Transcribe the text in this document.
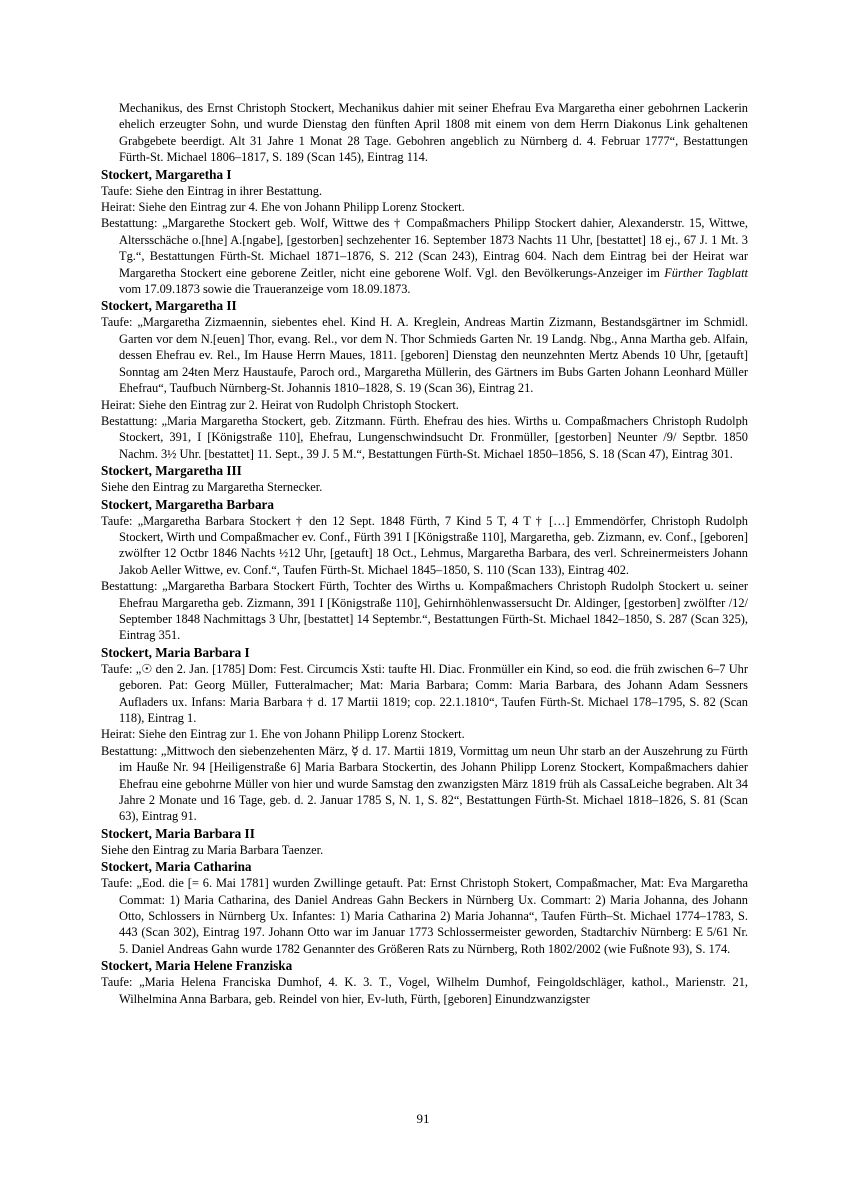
Mechanikus, des Ernst Christoph Stockert, Mechanikus dahier mit seiner Ehefrau Eva Margaretha einer gebohrnen Lackerin ehelich erzeugter Sohn, und wurde Dienstag den fünften April 1808 mit einem von dem Herrn Diakonus Link gehaltenen Grabgebete beerdigt. Alt 31 Jahre 1 Monat 28 Tage. Gebohren angeblich zu Nürnberg d. 4. Februar 1777“, Bestattungen Fürth-St. Michael 1806–1817, S. 189 (Scan 145), Eintrag 114.

Stockert, Margaretha I

Taufe: Siehe den Eintrag in ihrer Bestattung.

Heirat: Siehe den Eintrag zur 4. Ehe von Johann Philipp Lorenz Stockert.

Bestattung: „Margarethe Stockert geb. Wolf, Wittwe des † Compaßmachers Philipp Stockert dahier, Alexanderstr. 15, Wittwe, Altersschäche o.[hne] A.[ngabe], [gestorben] sechzehenter 16. September 1873 Nachts 11 Uhr, [bestattet] 18 ej., 67 J. 1 Mt. 3 Tg.“, Bestattungen Fürth-St. Michael 1871–1876, S. 212 (Scan 243), Eintrag 604. Nach dem Eintrag bei der Heirat war Margaretha Stockert eine geborene Zeitler, nicht eine geborene Wolf. Vgl. den Bevölkerungs-Anzeiger im Fürther Tagblatt vom 17.09.1873 sowie die Traueranzeige vom 18.09.1873.

Stockert, Margaretha II

Taufe: „Margaretha Zizmaennin, siebentes ehel. Kind H. A. Kreglein, Andreas Martin Zizmann, Bestandsgärtner im Schmidl. Garten vor dem N.[euen] Thor, evang. Rel., vor dem N. Thor Schmieds Garten Nr. 19 Landg. Nbg., Anna Martha geb. Alfain, dessen Ehefrau ev. Rel., Im Hause Herrn Maues, 1811. [geboren] Dienstag den neunzehnten Mertz Abends 10 Uhr, [getauft] Sonntag am 24ten Merz Haustaufe, Paroch ord., Margaretha Müllerin, des Gärtners im Bubs Garten Johann Leonhard Müller Ehefrau“, Taufbuch Nürnberg-St. Johannis 1810–1828, S. 19 (Scan 36), Eintrag 21.

Heirat: Siehe den Eintrag zur 2. Heirat von Rudolph Christoph Stockert.

Bestattung: „Maria Margaretha Stockert, geb. Zitzmann. Fürth. Ehefrau des hies. Wirths u. Compaßmachers Christoph Rudolph Stockert, 391, I [Königstraße 110], Ehefrau, Lungenschwindsucht Dr. Fronmüller, [gestorben] Neunter /9/ Septbr. 1850 Nachm. 3½ Uhr. [bestattet] 11. Sept., 39 J. 5 M.“, Bestattungen Fürth-St. Michael 1850–1856, S. 18 (Scan 47), Eintrag 301.

Stockert, Margaretha III

Siehe den Eintrag zu Margaretha Sternecker.

Stockert, Margaretha Barbara

Taufe: „Margaretha Barbara Stockert † den 12 Sept. 1848 Fürth, 7 Kind 5 T, 4 T † […] Emmendörfer, Christoph Rudolph Stockert, Wirth und Compaßmacher ev. Conf., Fürth 391 I [Königstraße 110], Margaretha, geb. Zizmann, ev. Conf., [geboren] zwölfter 12 Octbr 1846 Nachts ½12 Uhr, [getauft] 18 Oct., Lehmus, Margaretha Barbara, des verl. Schreinermeisters Johann Jakob Aeller Wittwe, ev. Conf.“, Taufen Fürth-St. Michael 1845–1850, S. 110 (Scan 133), Eintrag 402.

Bestattung: „Margaretha Barbara Stockert Fürth, Tochter des Wirths u. Kompaßmachers Christoph Rudolph Stockert u. seiner Ehefrau Margaretha geb. Zizmann, 391 I [Königstraße 110], Gehirnhöhlenwassersucht Dr. Aldinger, [gestorben] zwölfter /12/ September 1848 Nachmittags 3 Uhr, [bestattet] 14 Septembr.“, Bestattungen Fürth-St. Michael 1842–1850, S. 287 (Scan 325), Eintrag 351.

Stockert, Maria Barbara I

Taufe: „☉ den 2. Jan. [1785] Dom: Fest. Circumcis Xsti: taufte Hl. Diac. Fronmüller ein Kind, so eod. die früh zwischen 6–7 Uhr geboren. Pat: Georg Müller, Futteralmacher; Mat: Maria Barbara; Comm: Maria Barbara, des Johann Adam Sessners Aufladers ux. Infans: Maria Barbara † d. 17 Martii 1819; cop. 22.1.1810“, Taufen Fürth-St. Michael 178–1795, S. 82 (Scan 118), Eintrag 1.

Heirat: Siehe den Eintrag zur 1. Ehe von Johann Philipp Lorenz Stockert.

Bestattung: „Mittwoch den siebenzehenten März, ☿ d. 17. Martii 1819, Vormittag um neun Uhr starb an der Auszehrung zu Fürth im Hauße Nr. 94 [Heiligenstraße 6] Maria Barbara Stockertin, des Johann Philipp Lorenz Stockert, Kompaßmachers dahier Ehefrau eine gebohrne Müller von hier und wurde Samstag den zwanzigsten März 1819 früh als CassaLeiche begraben. Alt 34 Jahre 2 Monate und 16 Tage, geb. d. 2. Januar 1785 S, N. 1, S. 82“, Bestattungen Fürth-St. Michael 1818–1826, S. 81 (Scan 63), Eintrag 91.

Stockert, Maria Barbara II

Siehe den Eintrag zu Maria Barbara Taenzer.

Stockert, Maria Catharina

Taufe: „Eod. die [= 6. Mai 1781] wurden Zwillinge getauft. Pat: Ernst Christoph Stokert, Compaßmacher, Mat: Eva Margaretha Commat: 1) Maria Catharina, des Daniel Andreas Gahn Beckers in Nürnberg Ux. Commart: 2) Maria Johanna, des Johann Otto, Schlossers in Nürnberg Ux. Infantes: 1) Maria Catharina 2) Maria Johanna“, Taufen Fürth–St. Michael 1774–1783, S. 443 (Scan 302), Eintrag 197. Johann Otto war im Januar 1773 Schlossermeister geworden, Stadtarchiv Nürnberg: E 5/61 Nr. 5. Daniel Andreas Gahn wurde 1782 Genannter des Größeren Rats zu Nürnberg, Roth 1802/2002 (wie Fußnote 93), S. 174.

Stockert, Maria Helene Franziska

Taufe: „Maria Helena Franciska Dumhof, 4. K. 3. T., Vogel, Wilhelm Dumhof, Feingoldschläger, kathol., Marienstr. 21, Wilhelmina Anna Barbara, geb. Reindel von hier, Ev-luth, Fürth, [geboren] Einundzwanzigster

91
